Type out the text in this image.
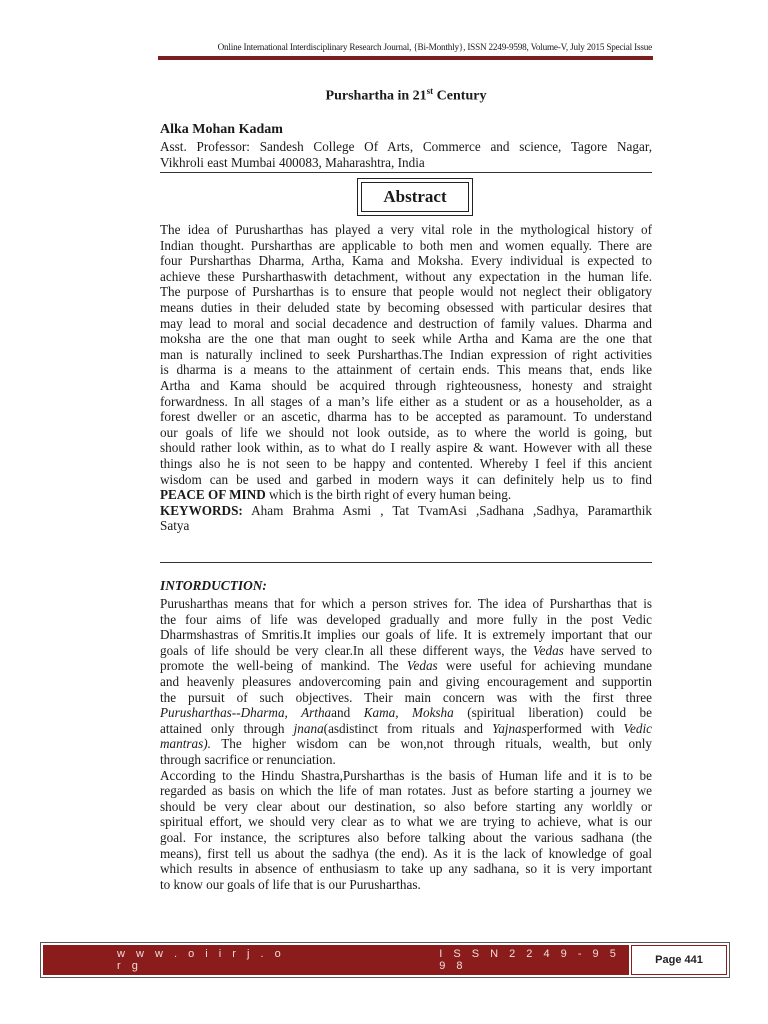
Online International Interdisciplinary Research Journal, {Bi-Monthly}, ISSN 2249-9598, Volume-V, July 2015 Special Issue
Purshartha in 21st Century
Alka Mohan Kadam
Asst. Professor: Sandesh College Of Arts, Commerce and science, Tagore Nagar,
Vikhroli east Mumbai 400083, Maharashtra, India
Abstract
The idea of Purusharthas has played a very vital role in the mythological history of
Indian thought. Pursharthas are applicable to both men and women equally. There are
four Pursharthas Dharma, Artha, Kama and Moksha. Every individual is expected to
achieve these Pursharthaswith detachment, without any expectation in the human life.
The purpose of Pursharthas is to ensure that people would not neglect their obligatory
means duties in their deluded state by becoming obsessed with particular desires that
may lead to moral and social decadence and destruction of family values. Dharma and
moksha are the one that man ought to seek while Artha and Kama are the one that
man is naturally inclined to seek Pursharthas.The Indian expression of right activities
is dharma is a means to the attainment of certain ends. This means that, ends like
Artha and Kama should be acquired through righteousness, honesty and straight
forwardness. In all stages of a man’s life either as a student or as a householder, as a
forest dweller or an ascetic, dharma has to be accepted as paramount. To understand
our goals of life we should not look outside, as to where the world is going, but
should rather look within, as to what do I really aspire & want. However with all these
things also he is not seen to be happy and contented. Whereby I feel if this ancient
wisdom can be used and garbed in modern ways it can definitely help us to find
PEACE OF MIND which is the birth right of every human being.
KEYWORDS: Aham Brahma Asmi , Tat TvamAsi ,Sadhana ,Sadhya, Paramarthik
Satya
INTORDUCTION:
Purusharthas means that for which a person strives for. The idea of Pursharthas that is
the four aims of life was developed gradually and more fully in the post Vedic
Dharmshastras of Smritis.It implies our goals of life. It is extremely important that our
goals of life should be very clear.In all these different ways, the Vedas have served to
promote the well-being of mankind. The Vedas were useful for achieving mundane
and heavenly pleasures andovercoming pain and giving encouragement and supportin
the pursuit of such objectives. Their main concern was with the first three
Purusharthas--Dharma, Arthaand Kama, Moksha (spiritual liberation) could be
attained only through jnana(asdistinct from rituals and Yajnasperformed with Vedic
mantras). The higher wisdom can be won,not through rituals, wealth, but only
through sacrifice or renunciation.
According to the Hindu Shastra,Pursharthas is the basis of Human life and it is to be
regarded as basis on which the life of man rotates. Just as before starting a journey we
should be very clear about our destination, so also before starting any worldly or
spiritual effort, we should very clear as to what we are trying to achieve, what is our
goal. For instance, the scriptures also before talking about the various sadhana (the
means), first tell us about the sadhya (the end). As it is the lack of knowledge of goal
which results in absence of enthusiasm to take up any sadhana, so it is very important
to know our goals of life that is our Purusharthas.
w w w . o i i r j . o r g
I S S N 2 2 4 9 - 9 5 9 8	Page 441
